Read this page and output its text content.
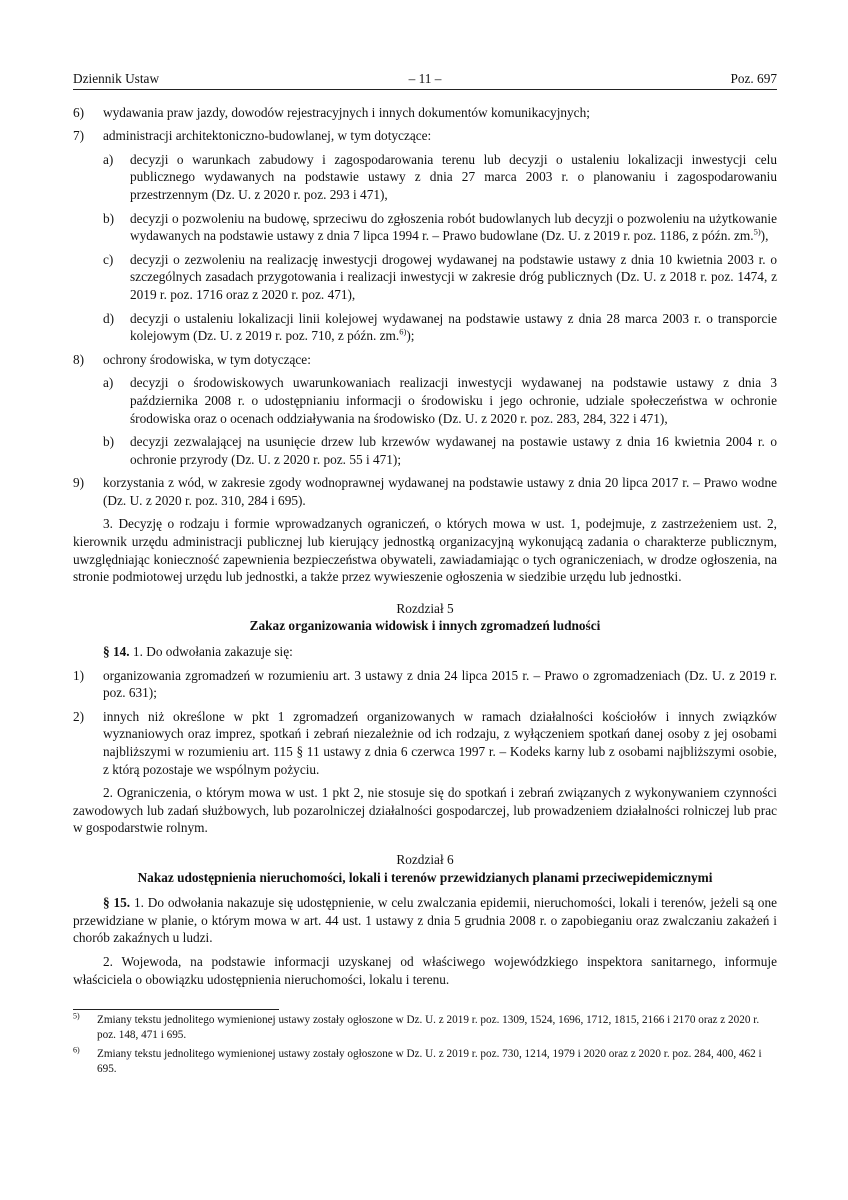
Dziennik Ustaw	– 11 –	Poz. 697
6)	wydawania praw jazdy, dowodów rejestracyjnych i innych dokumentów komunikacyjnych;
7)	administracji architektoniczno-budowlanej, w tym dotyczące:
a)	decyzji o warunkach zabudowy i zagospodarowania terenu lub decyzji o ustaleniu lokalizacji inwestycji celu publicznego wydawanych na podstawie ustawy z dnia 27 marca 2003 r. o planowaniu i zagospodarowaniu przestrzennym (Dz. U. z 2020 r. poz. 293 i 471),
b)	decyzji o pozwoleniu na budowę, sprzeciwu do zgłoszenia robót budowlanych lub decyzji o pozwoleniu na użytkowanie wydawanych na podstawie ustawy z dnia 7 lipca 1994 r. – Prawo budowlane (Dz. U. z 2019 r. poz. 1186, z późn. zm.$^{5)}$),
c)	decyzji o zezwoleniu na realizację inwestycji drogowej wydawanej na podstawie ustawy z dnia 10 kwietnia 2003 r. o szczególnych zasadach przygotowania i realizacji inwestycji w zakresie dróg publicznych (Dz. U. z 2018 r. poz. 1474, z 2019 r. poz. 1716 oraz z 2020 r. poz. 471),
d)	decyzji o ustaleniu lokalizacji linii kolejowej wydawanej na podstawie ustawy z dnia 28 marca 2003 r. o transporcie kolejowym (Dz. U. z 2019 r. poz. 710, z późn. zm.$^{6)}$);
8)	ochrony środowiska, w tym dotyczące:
a)	decyzji o środowiskowych uwarunkowaniach realizacji inwestycji wydawanej na podstawie ustawy z dnia 3 października 2008 r. o udostępnianiu informacji o środowisku i jego ochronie, udziale społeczeństwa w ochronie środowiska oraz o ocenach oddziaływania na środowisko (Dz. U. z 2020 r. poz. 283, 284, 322 i 471),
b)	decyzji zezwalającej na usunięcie drzew lub krzewów wydawanej na postawie ustawy z dnia 16 kwietnia 2004 r. o ochronie przyrody (Dz. U. z 2020 r. poz. 55 i 471);
9)	korzystania z wód, w zakresie zgody wodnoprawnej wydawanej na podstawie ustawy z dnia 20 lipca 2017 r. – Prawo wodne (Dz. U. z 2020 r. poz. 310, 284 i 695).
3. Decyzję o rodzaju i formie wprowadzanych ograniczeń, o których mowa w ust. 1, podejmuje, z zastrzeżeniem ust. 2, kierownik urzędu administracji publicznej lub kierujący jednostką organizacyjną wykonującą zadania o charakterze publicznym, uwzględniając konieczność zapewnienia bezpieczeństwa obywateli, zawiadamiając o tych ograniczeniach, w drodze ogłoszenia, na stronie podmiotowej urzędu lub jednostki, a także przez wywieszenie ogłoszenia w siedzibie urzędu lub jednostki.
Rozdział 5
Zakaz organizowania widowisk i innych zgromadzeń ludności
§ 14. 1. Do odwołania zakazuje się:
1)	organizowania zgromadzeń w rozumieniu art. 3 ustawy z dnia 24 lipca 2015 r. – Prawo o zgromadzeniach (Dz. U. z 2019 r. poz. 631);
2)	innych niż określone w pkt 1 zgromadzeń organizowanych w ramach działalności kościołów i innych związków wyznaniowych oraz imprez, spotkań i zebrań niezależnie od ich rodzaju, z wyłączeniem spotkań danej osoby z jej osobami najbliższymi w rozumieniu art. 115 § 11 ustawy z dnia 6 czerwca 1997 r. – Kodeks karny lub z osobami najbliższymi osobie, z którą pozostaje we wspólnym pożyciu.
2. Ograniczenia, o którym mowa w ust. 1 pkt 2, nie stosuje się do spotkań i zebrań związanych z wykonywaniem czynności zawodowych lub zadań służbowych, lub pozarolniczej działalności gospodarczej, lub prowadzeniem działalności rolniczej lub prac w gospodarstwie rolnym.
Rozdział 6
Nakaz udostępnienia nieruchomości, lokali i terenów przewidzianych planami przeciwepidemicznymi
§ 15. 1. Do odwołania nakazuje się udostępnienie, w celu zwalczania epidemii, nieruchomości, lokali i terenów, jeżeli są one przewidziane w planie, o którym mowa w art. 44 ust. 1 ustawy z dnia 5 grudnia 2008 r. o zapobieganiu oraz zwalczaniu zakażeń i chorób zakaźnych u ludzi.
2. Wojewoda, na podstawie informacji uzyskanej od właściwego wojewódzkiego inspektora sanitarnego, informuje właściciela o obowiązku udostępnienia nieruchomości, lokalu i terenu.
$^{5)}$	Zmiany tekstu jednolitego wymienionej ustawy zostały ogłoszone w Dz. U. z 2019 r. poz. 1309, 1524, 1696, 1712, 1815, 2166 i 2170 oraz z 2020 r. poz. 148, 471 i 695.
$^{6)}$	Zmiany tekstu jednolitego wymienionej ustawy zostały ogłoszone w Dz. U. z 2019 r. poz. 730, 1214, 1979 i 2020 oraz z 2020 r. poz. 284, 400, 462 i 695.
